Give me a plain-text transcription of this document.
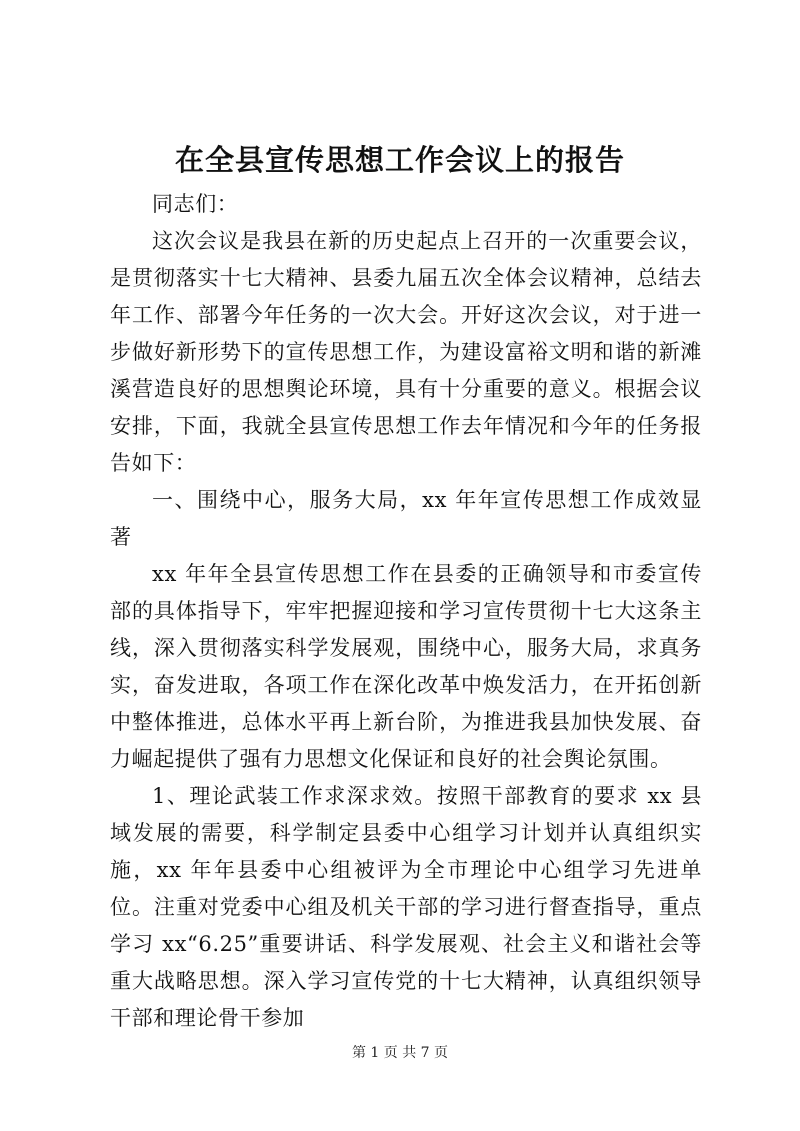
在全县宣传思想工作会议上的报告

同志们：

这次会议是我县在新的历史起点上召开的一次重要会议，是贯彻落实十七大精神、县委九届五次全体会议精神，总结去年工作、部署今年任务的一次大会。开好这次会议，对于进一步做好新形势下的宣传思想工作，为建设富裕文明和谐的新滩溪营造良好的思想舆论环境，具有十分重要的意义。根据会议安排，下面，我就全县宣传思想工作去年情况和今年的任务报告如下：

一、围绕中心，服务大局，xx 年年宣传思想工作成效显著

xx 年年全县宣传思想工作在县委的正确领导和市委宣传部的具体指导下，牢牢把握迎接和学习宣传贯彻十七大这条主线，深入贯彻落实科学发展观，围绕中心，服务大局，求真务实，奋发进取，各项工作在深化改革中焕发活力，在开拓创新中整体推进，总体水平再上新台阶，为推进我县加快发展、奋力崛起提供了强有力思想文化保证和良好的社会舆论氛围。

1、理论武装工作求深求效。按照干部教育的要求 xx 县域发展的需要，科学制定县委中心组学习计划并认真组织实施，xx 年年县委中心组被评为全市理论中心组学习先进单位。注重对党委中心组及机关干部的学习进行督查指导，重点学习 xx“6.25”重要讲话、科学发展观、社会主义和谐社会等重大战略思想。深入学习宣传党的十七大精神，认真组织领导干部和理论骨干参加

第 1 页 共 7 页
